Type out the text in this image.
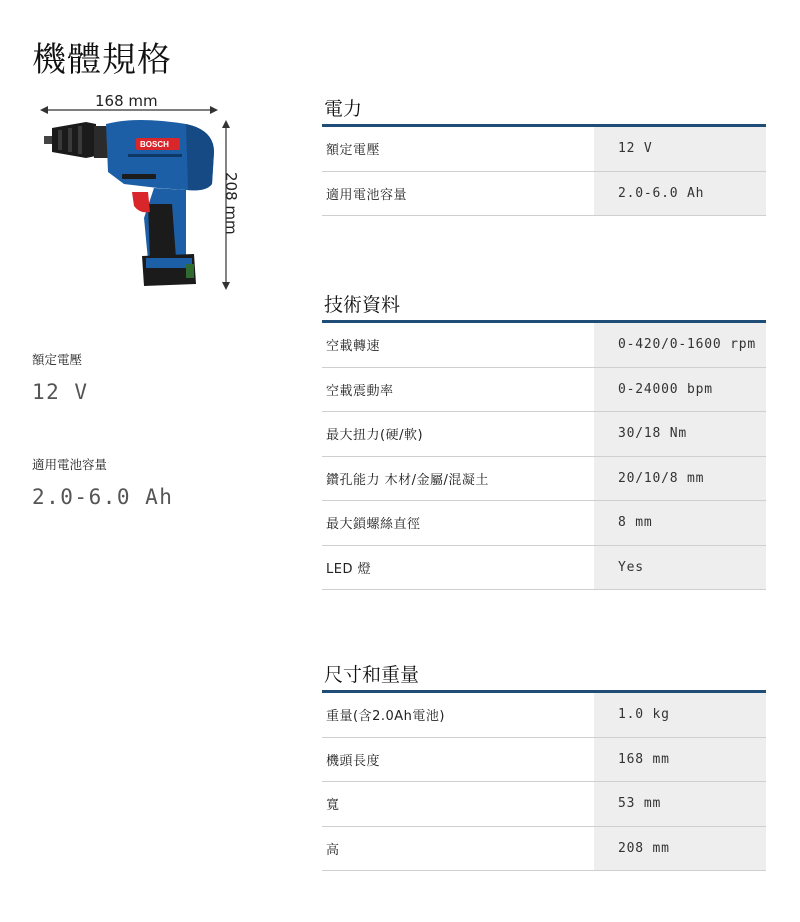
機體規格
168 mm
208 mm
BOSCH
額定電壓
12 V
適用電池容量
2.0-6.0 Ah
電力
額定電壓	12 V
適用電池容量	2.0-6.0 Ah
技術資料
空載轉速	0-420/0-1600 rpm
空載震動率	0-24000 bpm
最大扭力(硬/軟)	30/18 Nm
鑽孔能力 木材/金屬/混凝土	20/10/8 mm
最大鎖螺絲直徑	8 mm
LED 燈	Yes
尺寸和重量
重量(含2.0Ah電池)	1.0 kg
機頭長度	168 mm
寬	53 mm
高	208 mm
